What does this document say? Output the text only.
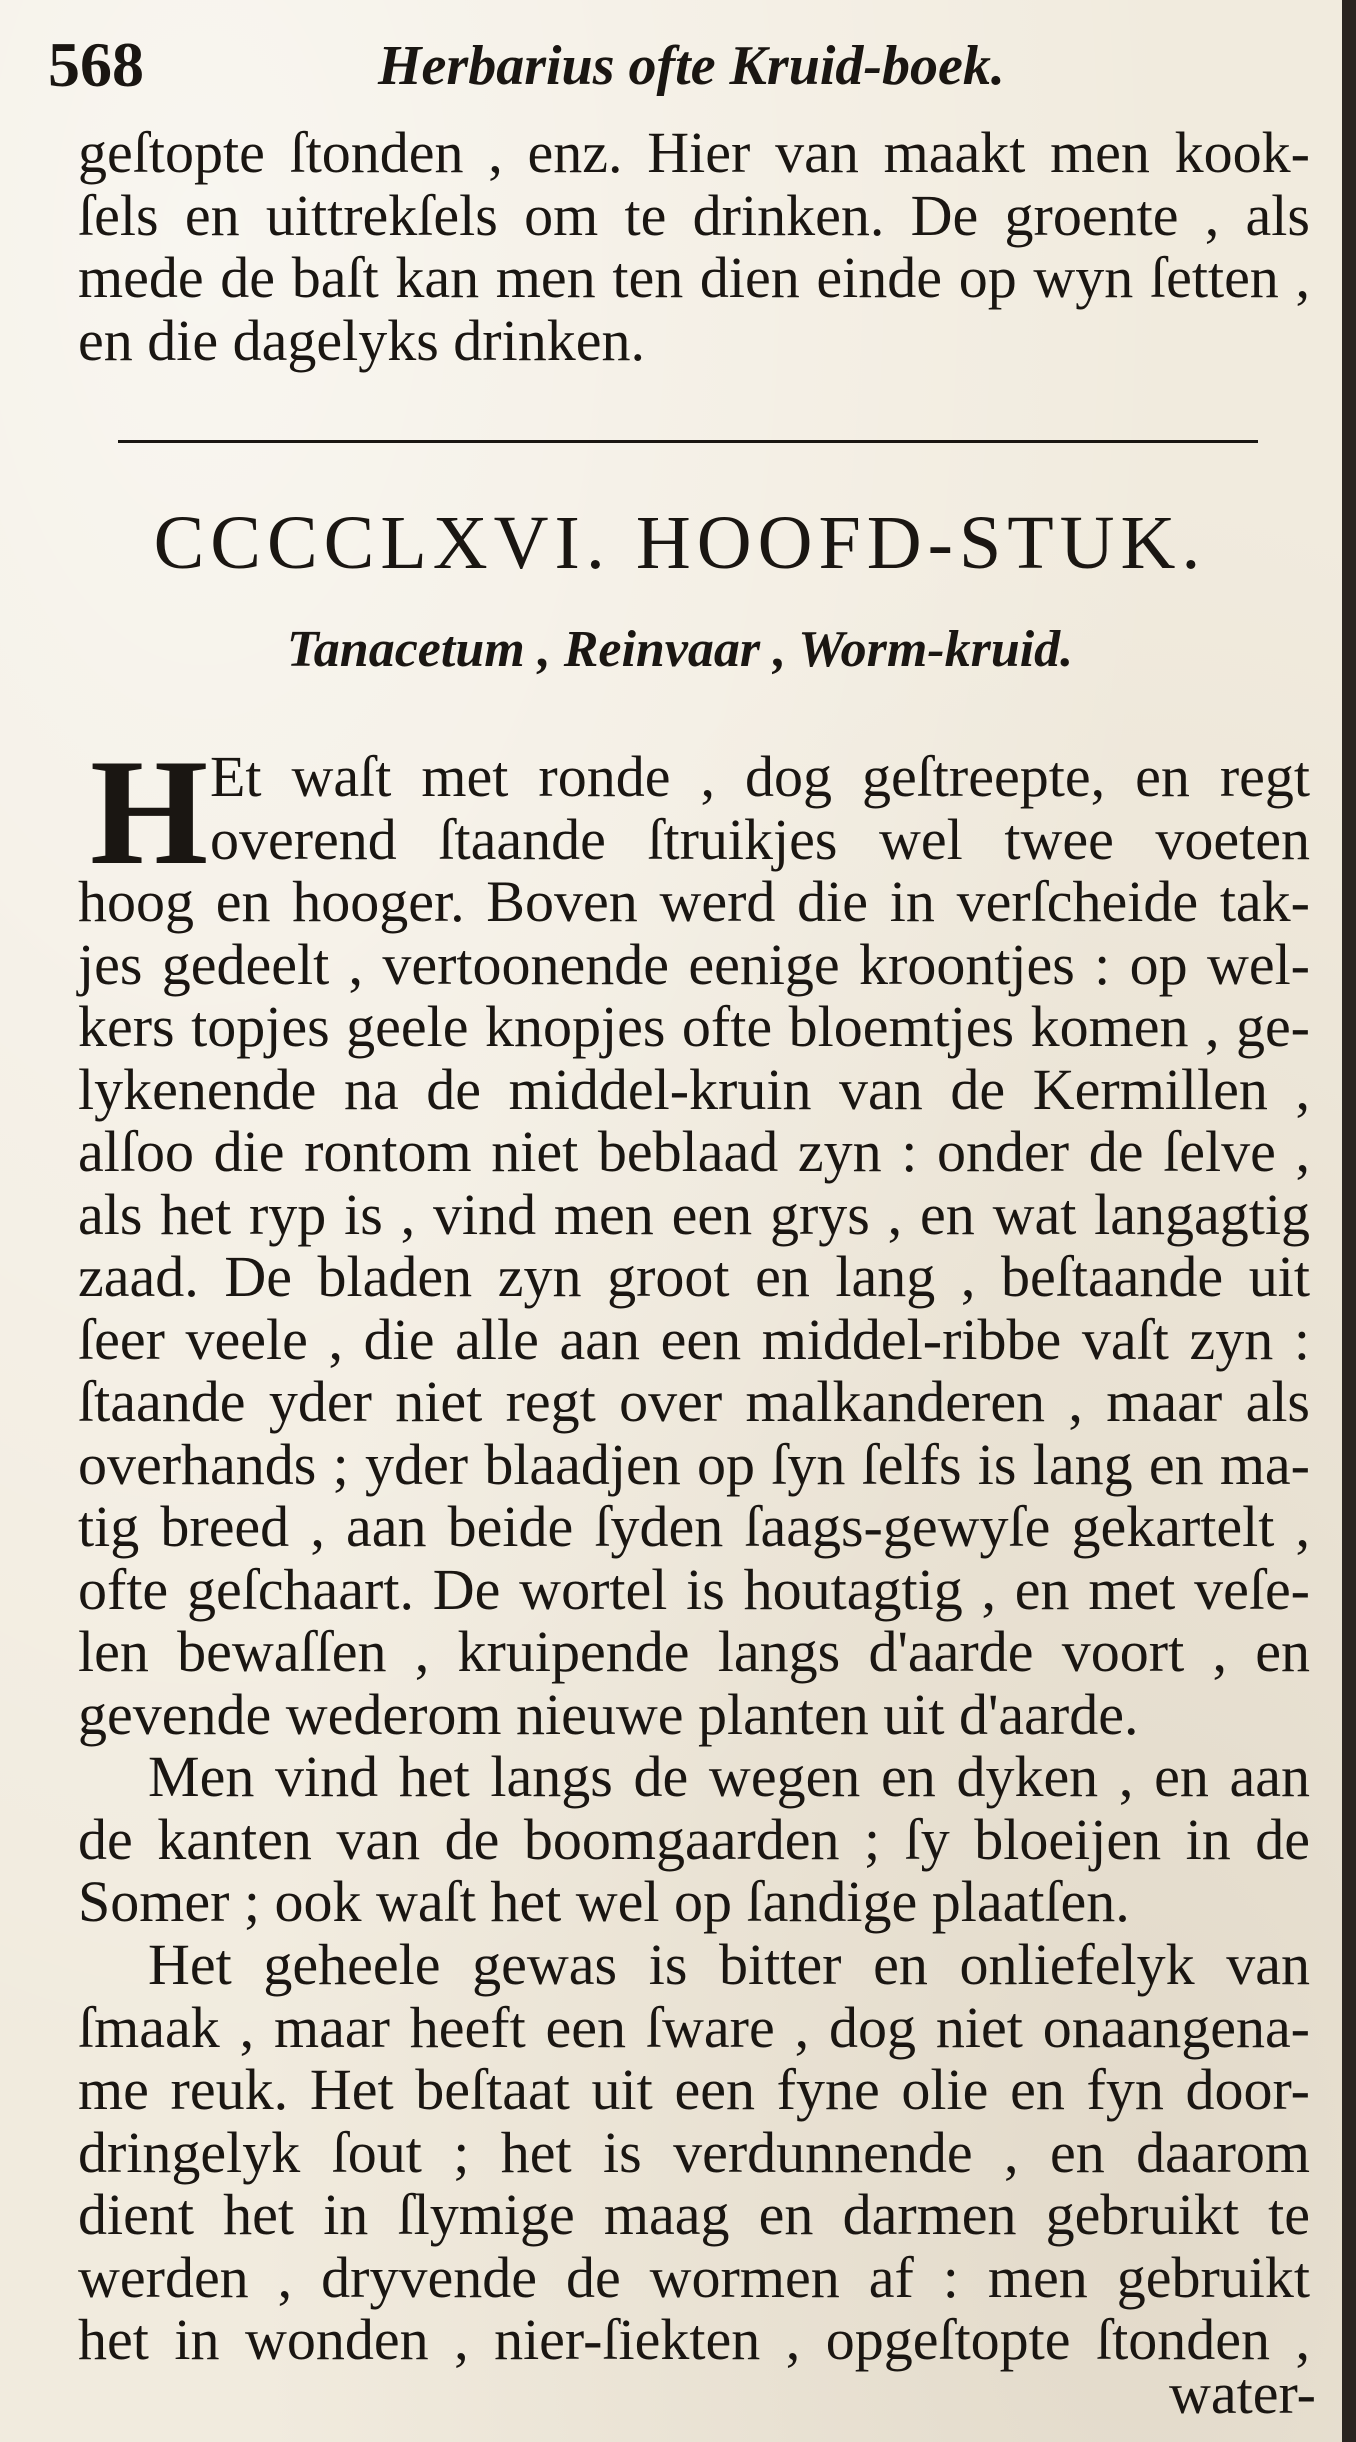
568	Herbarius ofte Kruid-boek.
geſtopte ſtonden , enz. Hier van maakt men kook-
ſels en uittrekſels om te drinken. De groente , als
mede de baſt kan men ten dien einde op wyn ſetten ,
en die dagelyks drinken.
CCCCLXVI. HOOFD-STUK.
Tanacetum , Reinvaar , Worm-kruid.
H Et waſt met ronde , dog geſtreepte, en regt
overend ſtaande ſtruikjes wel twee voeten
hoog en hooger. Boven werd die in verſcheide tak-
jes gedeelt , vertoonende eenige kroontjes : op wel-
kers topjes geele knopjes ofte bloemtjes komen , ge-
lykenende na de middel-kruin van de Kermillen ,
alſoo die rontom niet beblaad zyn : onder de ſelve ,
als het ryp is , vind men een grys , en wat langagtig
zaad. De bladen zyn groot en lang , beſtaande uit
ſeer veele , die alle aan een middel-ribbe vaſt zyn :
ſtaande yder niet regt over malkanderen , maar als
overhands ; yder blaadjen op ſyn ſelfs is lang en ma-
tig breed , aan beide ſyden ſaags-gewyſe gekartelt ,
ofte geſchaart. De wortel is houtagtig , en met veſe-
len bewaſſen , kruipende langs d'aarde voort , en
gevende wederom nieuwe planten uit d'aarde.
Men vind het langs de wegen en dyken , en aan
de kanten van de boomgaarden ; ſy bloeijen in de
Somer ; ook waſt het wel op ſandige plaatſen.
Het geheele gewas is bitter en onliefelyk van
ſmaak , maar heeft een ſware , dog niet onaangena-
me reuk. Het beſtaat uit een fyne olie en fyn door-
dringelyk ſout ; het is verdunnende , en daarom
dient het in ſlymige maag en darmen gebruikt te
werden , dryvende de wormen af : men gebruikt
het in wonden , nier-ſiekten , opgeſtopte ſtonden ,
water-
